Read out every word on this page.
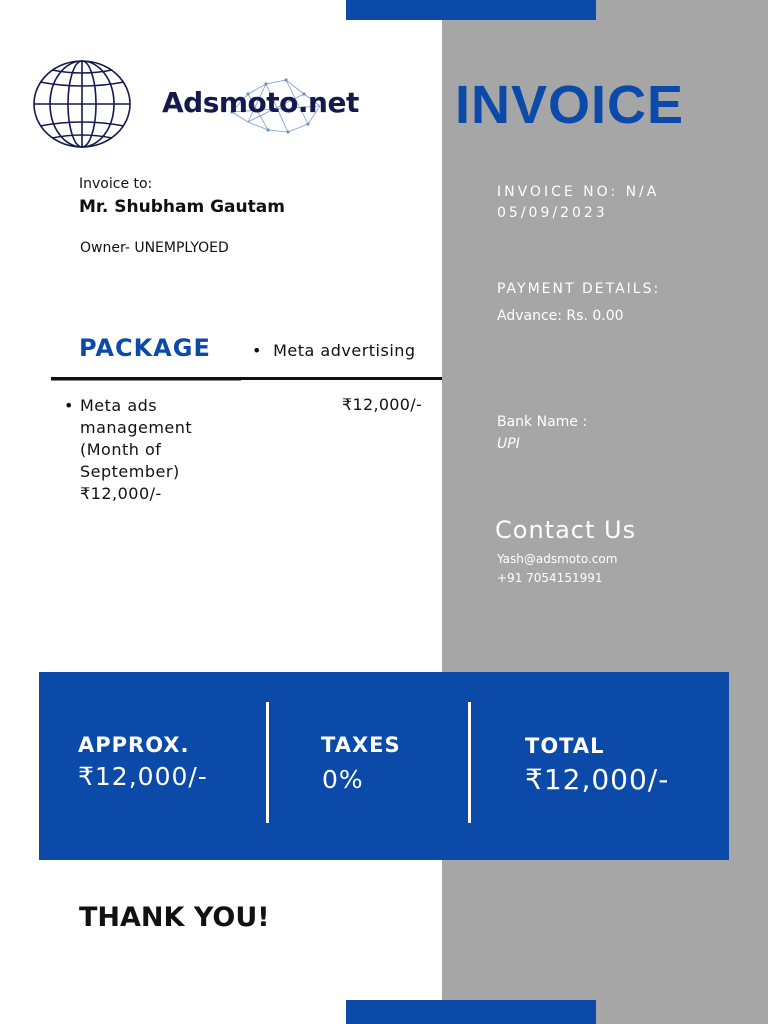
Adsmoto.net INVOICE
Invoice to:
Mr. Shubham Gautam
Owner- UNEMPLYOED
PACKAGE	•  Meta advertising
• Meta ads
management
(Month of
September)
₹12,000/-
₹12,000/-
INVOICE NO: N/A
05/09/2023
PAYMENT DETAILS:
Advance: Rs. 0.00
Bank Name :
UPI
Contact Us
Yash@adsmoto.com
+91 7054151991
APPROX.
₹12,000/-
TAXES
0%
TOTAL
₹12,000/-
THANK YOU!
